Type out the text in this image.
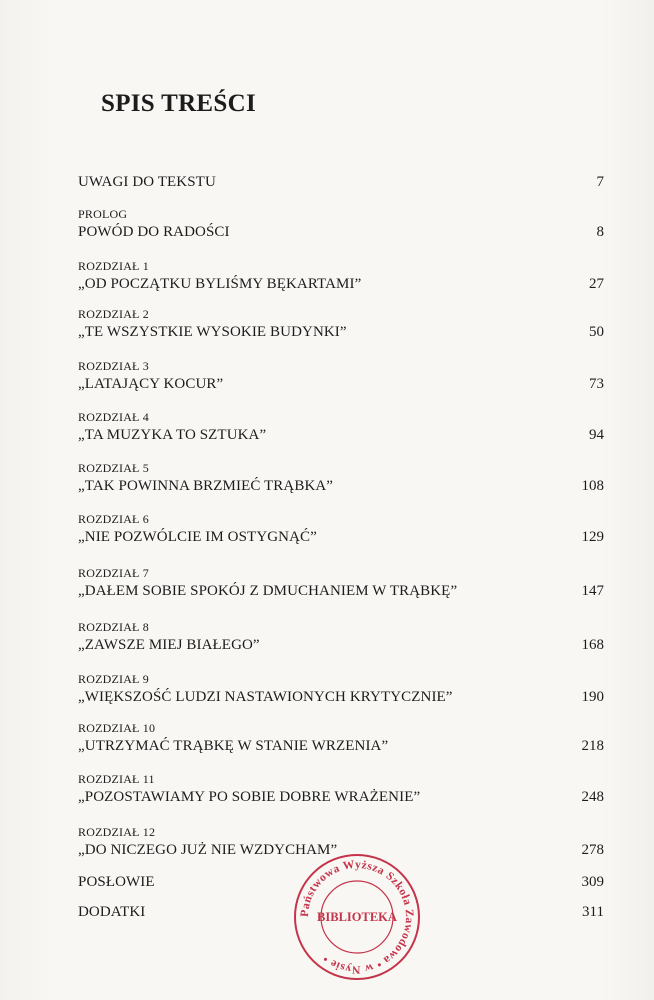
SPIS TREŚCI
UWAGI DO TEKSTU	7
PROLOG
POWÓD DO RADOŚCI	8
ROZDZIAŁ 1
„OD POCZĄTKU BYLIŚMY BĘKARTAMI”	27
ROZDZIAŁ 2
„TE WSZYSTKIE WYSOKIE BUDYNKI”	50
ROZDZIAŁ 3
„LATAJĄCY KOCUR”	73
ROZDZIAŁ 4
„TA MUZYKA TO SZTUKA”	94
ROZDZIAŁ 5
„TAK POWINNA BRZMIEĆ TRĄBKA”	108
ROZDZIAŁ 6
„NIE POZWÓLCIE IM OSTYGNĄĆ”	129
ROZDZIAŁ 7
„DAŁEM SOBIE SPOKÓJ Z DMUCHANIEM W TRĄBKĘ”	147
ROZDZIAŁ 8
„ZAWSZE MIEJ BIAŁEGO”	168
ROZDZIAŁ 9
„WIĘKSZOŚĆ LUDZI NASTAWIONYCH KRYTYCZNIE”	190
ROZDZIAŁ 10
„UTRZYMAĆ TRĄBKĘ W STANIE WRZENIA”	218
ROZDZIAŁ 11
„POZOSTAWIAMY PO SOBIE DOBRE WRAŻENIE”	248
ROZDZIAŁ 12
„DO NICZEGO JUŻ NIE WZDYCHAM”	278
POSŁOWIE	309
DODATKI	311
Państwowa Wyższa Szkoła Zawodowa • w Nysie •
BIBLIOTEKA
